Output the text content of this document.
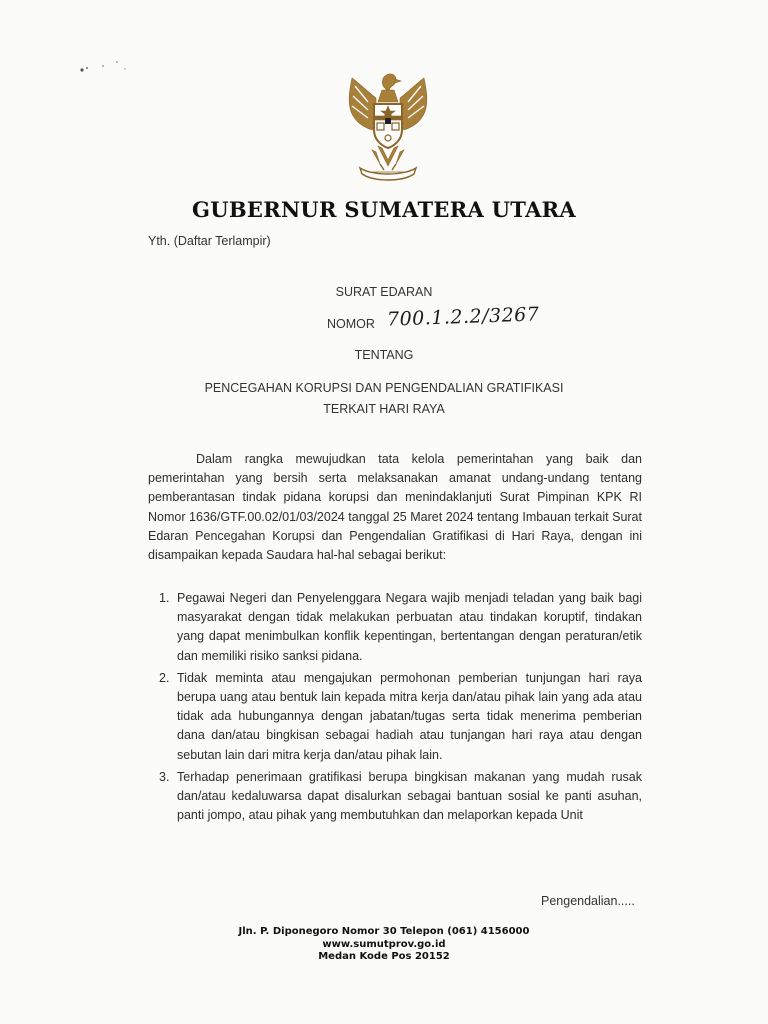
GUBERNUR SUMATERA UTARA
Yth. (Daftar Terlampir)
SURAT EDARAN
NOMOR 700.1.2.2/3267
TENTANG
PENCEGAHAN KORUPSI DAN PENGENDALIAN GRATIFIKASI
TERKAIT HARI RAYA
Dalam rangka mewujudkan tata kelola pemerintahan yang baik dan pemerintahan yang bersih serta melaksanakan amanat undang-undang tentang pemberantasan tindak pidana korupsi dan menindaklanjuti Surat Pimpinan KPK RI Nomor 1636/GTF.00.02/01/03/2024 tanggal 25 Maret 2024 tentang Imbauan terkait Surat Edaran Pencegahan Korupsi dan Pengendalian Gratifikasi di Hari Raya, dengan ini disampaikan kepada Saudara hal-hal sebagai berikut:
1. Pegawai Negeri dan Penyelenggara Negara wajib menjadi teladan yang baik bagi masyarakat dengan tidak melakukan perbuatan atau tindakan koruptif, tindakan yang dapat menimbulkan konflik kepentingan, bertentangan dengan peraturan/etik dan memiliki risiko sanksi pidana.
2. Tidak meminta atau mengajukan permohonan pemberian tunjungan hari raya berupa uang atau bentuk lain kepada mitra kerja dan/atau pihak lain yang ada atau tidak ada hubungannya dengan jabatan/tugas serta tidak menerima pemberian dana dan/atau bingkisan sebagai hadiah atau tunjangan hari raya atau dengan sebutan lain dari mitra kerja dan/atau pihak lain.
3. Terhadap penerimaan gratifikasi berupa bingkisan makanan yang mudah rusak dan/atau kedaluwarsa dapat disalurkan sebagai bantuan sosial ke panti asuhan, panti jompo, atau pihak yang membutuhkan dan melaporkan kepada Unit
Pengendalian.....
Jln. P. Diponegoro Nomor 30 Telepon (061) 4156000
www.sumutprov.go.id
Medan Kode Pos 20152
